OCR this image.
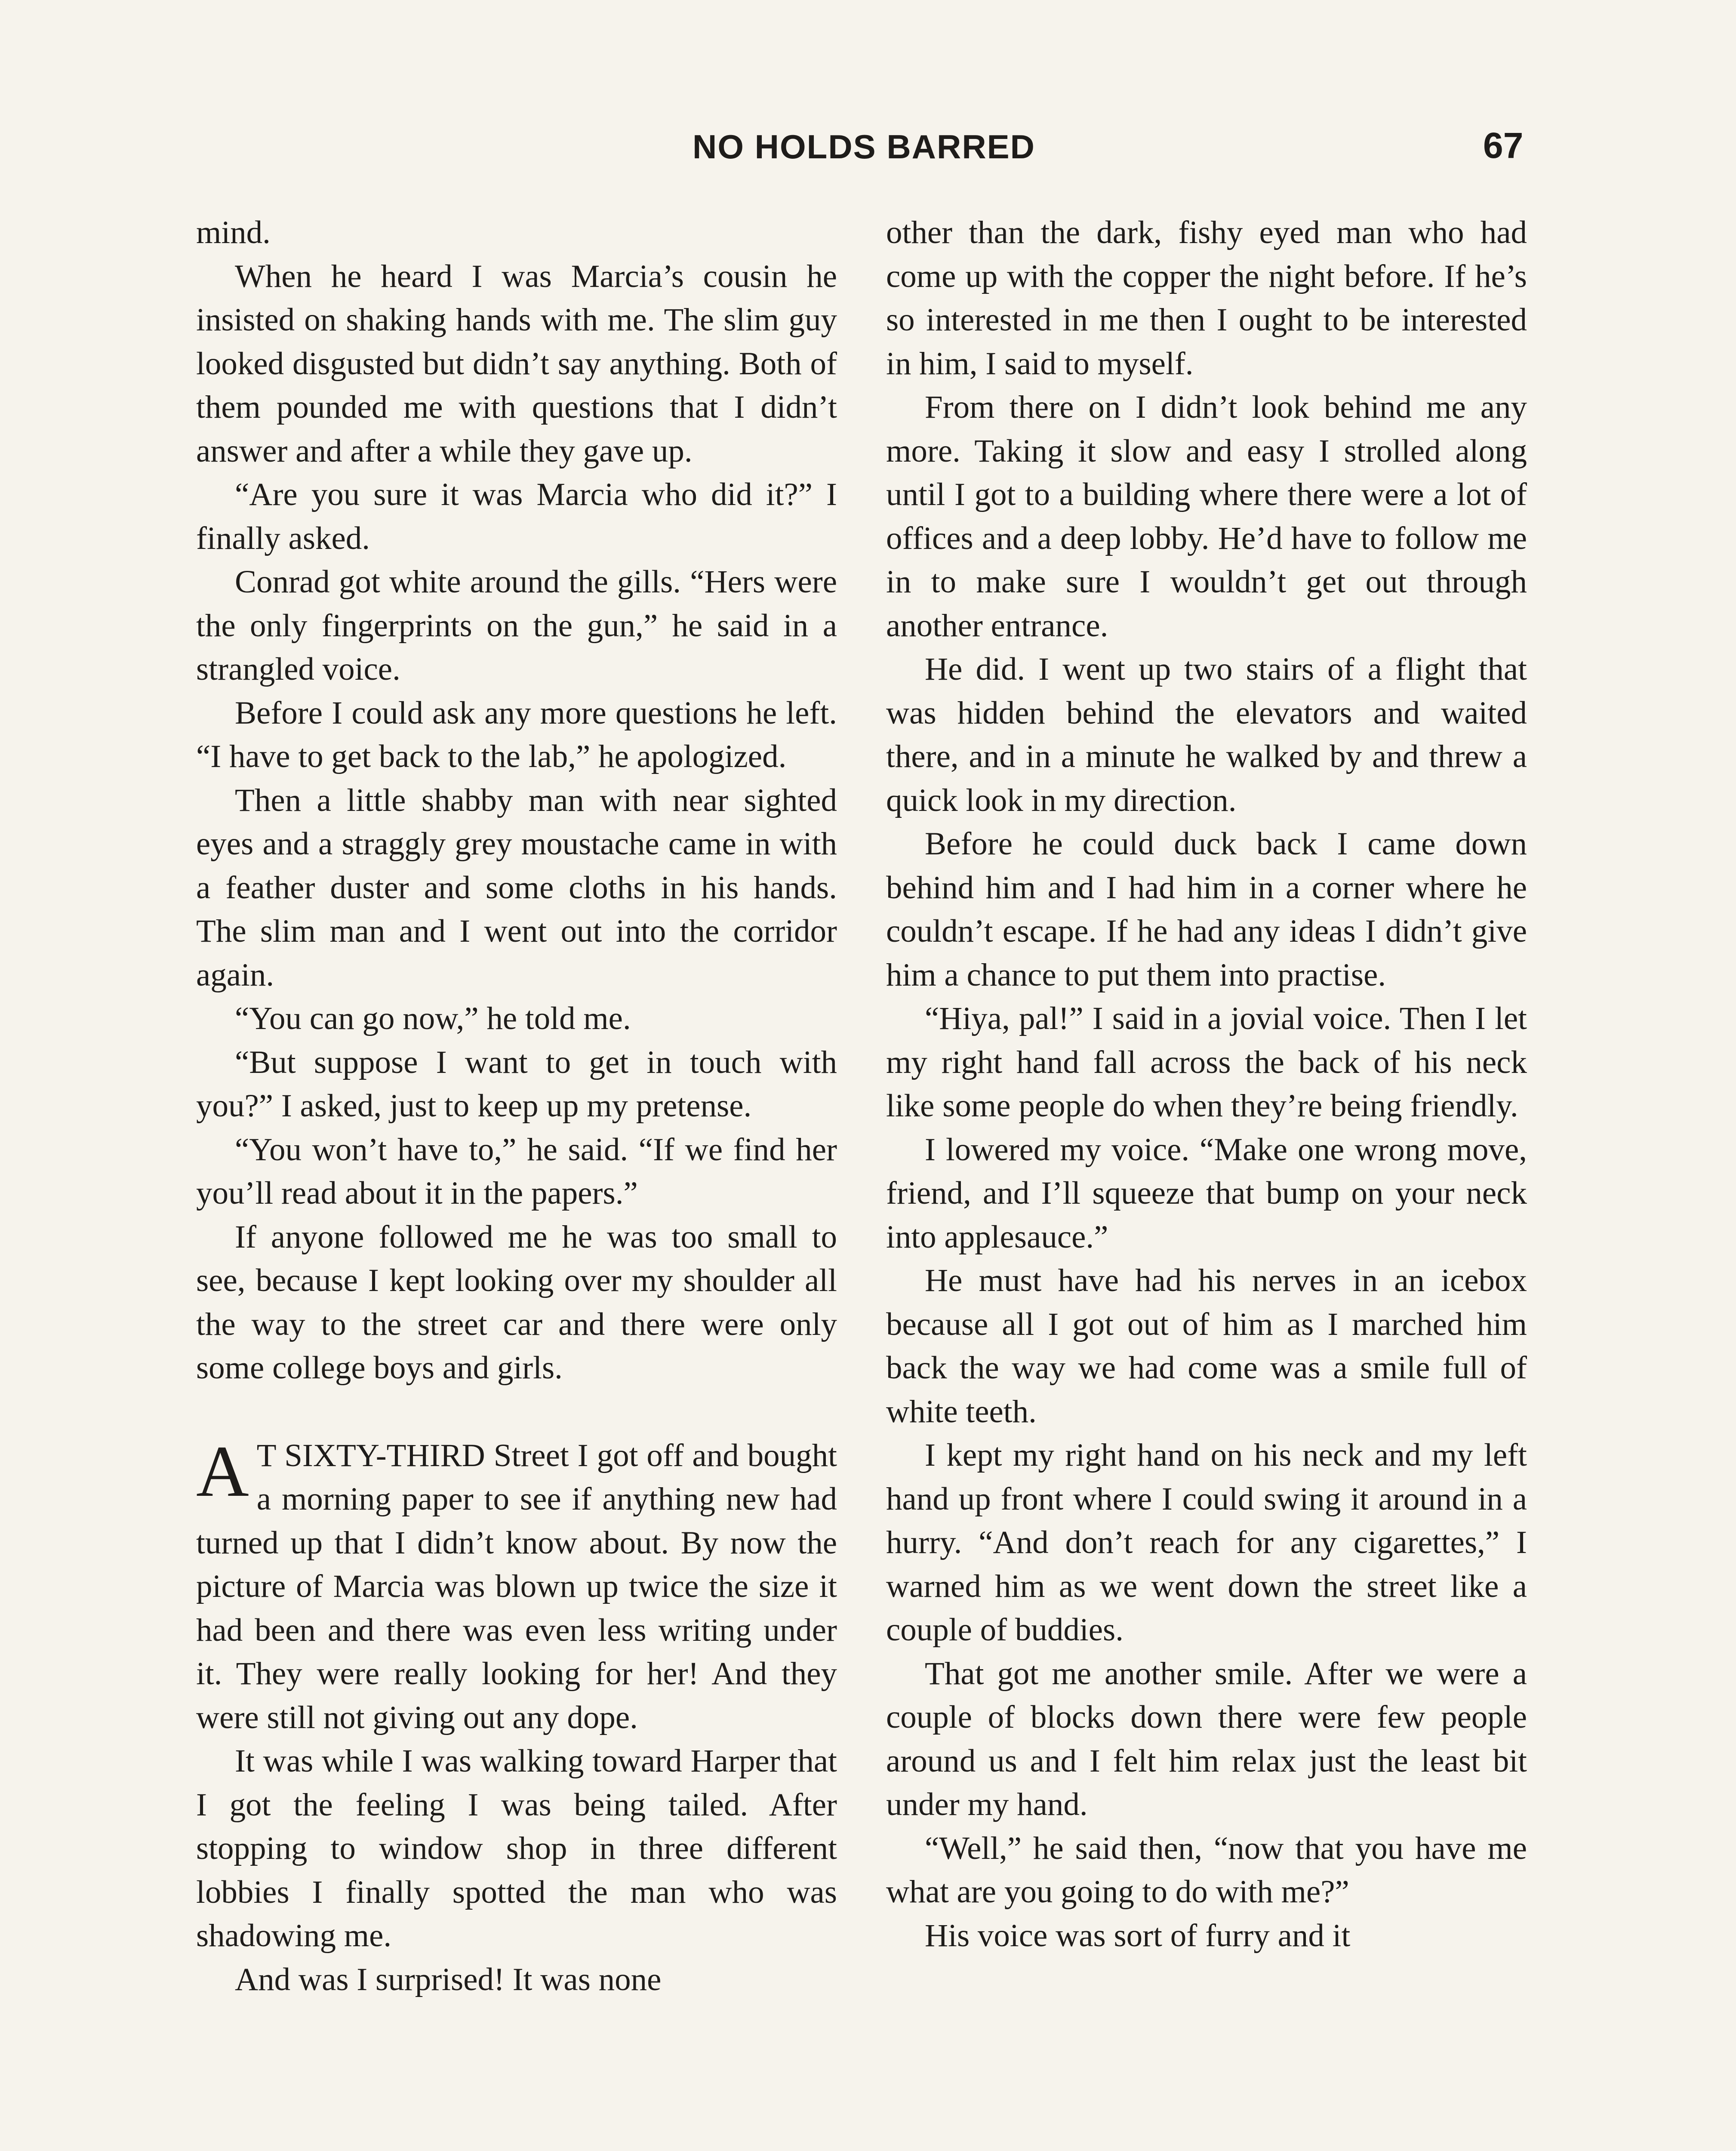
NO HOLDS BARRED	67

mind.

When he heard I was Marcia’s cousin he insisted on shaking hands with me. The slim guy looked disgusted but didn’t say anything. Both of them pounded me with questions that I didn’t answer and after a while they gave up.

“Are you sure it was Marcia who did it?” I finally asked.

Conrad got white around the gills. “Hers were the only fingerprints on the gun,” he said in a strangled voice.

Before I could ask any more questions he left. “I have to get back to the lab,” he apologized.

Then a little shabby man with near sighted eyes and a straggly grey moustache came in with a feather duster and some cloths in his hands. The slim man and I went out into the corridor again.

“You can go now,” he told me.

“But suppose I want to get in touch with you?” I asked, just to keep up my pretense.

“You won’t have to,” he said. “If we find her you’ll read about it in the papers.”

If anyone followed me he was too small to see, because I kept looking over my shoulder all the way to the street car and there were only some college boys and girls.

A T SIXTY-THIRD Street I got off and bought a morning paper to see if anything new had turned up that I didn’t know about. By now the picture of Marcia was blown up twice the size it had been and there was even less writing under it. They were really looking for her! And they were still not giving out any dope.

It was while I was walking toward Harper that I got the feeling I was being tailed. After stopping to window shop in three different lobbies I finally spotted the man who was shadowing me.

And was I surprised! It was none

other than the dark, fishy eyed man who had come up with the copper the night before. If he’s so interested in me then I ought to be interested in him, I said to myself.

From there on I didn’t look behind me any more. Taking it slow and easy I strolled along until I got to a building where there were a lot of offices and a deep lobby. He’d have to follow me in to make sure I wouldn’t get out through another entrance.

He did. I went up two stairs of a flight that was hidden behind the elevators and waited there, and in a minute he walked by and threw a quick look in my direction.

Before he could duck back I came down behind him and I had him in a corner where he couldn’t escape. If he had any ideas I didn’t give him a chance to put them into practise.

“Hiya, pal!” I said in a jovial voice. Then I let my right hand fall across the back of his neck like some people do when they’re being friendly.

I lowered my voice. “Make one wrong move, friend, and I’ll squeeze that bump on your neck into applesauce.”

He must have had his nerves in an icebox because all I got out of him as I marched him back the way we had come was a smile full of white teeth.

I kept my right hand on his neck and my left hand up front where I could swing it around in a hurry. “And don’t reach for any cigarettes,” I warned him as we went down the street like a couple of buddies.

That got me another smile. After we were a couple of blocks down there were few people around us and I felt him relax just the least bit under my hand.

“Well,” he said then, “now that you have me what are you going to do with me?”

His voice was sort of furry and it
